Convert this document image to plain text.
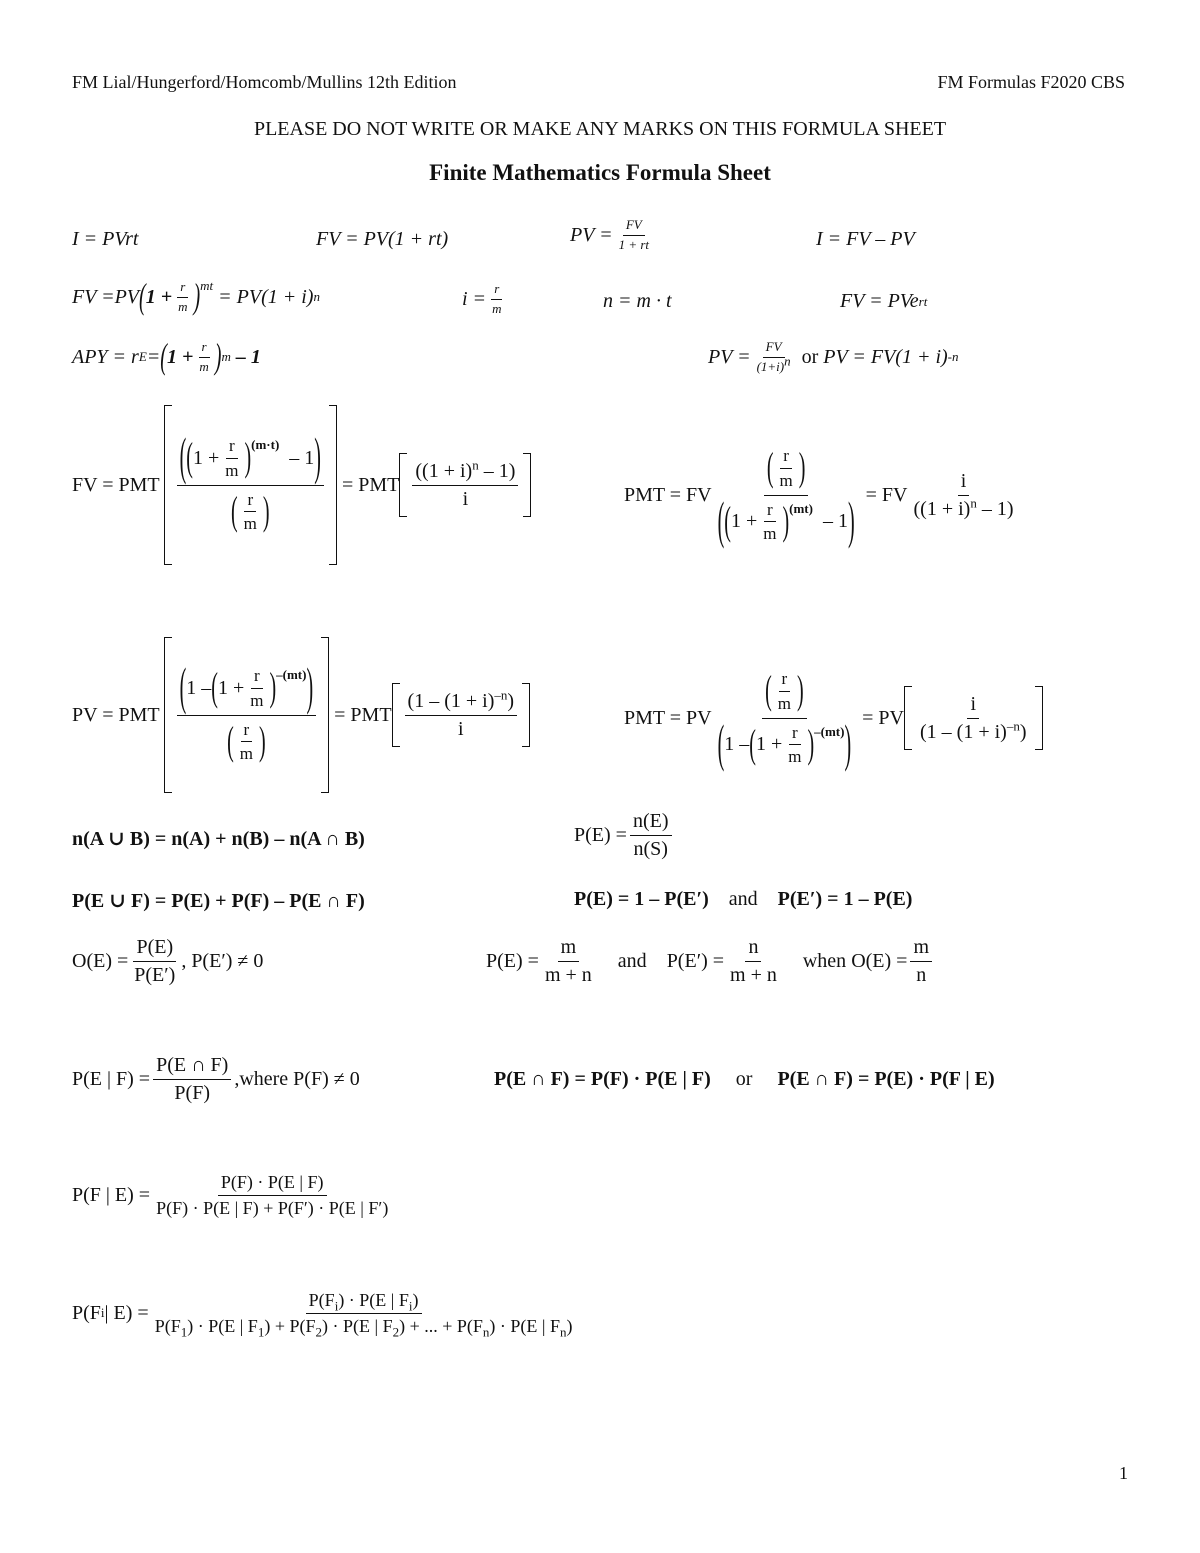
FM Lial/Hungerford/Homcomb/Mullins 12th Edition	FM Formulas F2020 CBS
PLEASE DO NOT WRITE OR MAKE ANY MARKS ON THIS FORMULA SHEET
Finite Mathematics Formula Sheet
I = PVrt	FV = PV(1 + rt)	PV = $\frac{FV}{1 + rt}$	I = FV – PV
FV =PV ( $1 + \frac{r}{m}$ ) mt = PV(1 + i) n	$i = \frac{r}{m}$	n = m · t	FV = PVe rt
APY = r E = ( $1 + \frac{r}{m}$ ) m
– 1	PV = $\frac{FV}{(1+i)^n}$
or PV = FV(1 + i) -n
FV = PMT ( ( $1 + \frac{r}{m}$ ) (m·t)
– 1 )
( $\frac{r}{m}$ ) = PMT $\frac{((1 + i)^n - 1)}{i}$	PMT = FV ( $\frac{r}{m}$ )
( ( $1 + \frac{r}{m}$ ) (mt)
– 1 ) = FV $\frac{i}{((1 + i)^n - 1)}$
PV = PMT $\frac{( 1 - ( 1 + \frac{r}{m} ) -(mt) )}{( \frac{r}{m} )}$ = PMT $\frac{(1 - (1 + i)^{-n})}{i}$	PMT = PV $\frac{( \frac{r}{m} )}{( 1 - ( 1 + \frac{r}{m} ) -(mt) )}$ = PV $\frac{i}{(1 - (1 + i)^{-n})}$
n(A ∪ B) = n(A) + n(B) – n(A ∩ B)	$P(E) = \frac{n(E)}{n(S)}$
P(E ∪ F) = P(E) + P(F) – P(E ∩ F)	P(E) = 1 – P(E′)
and
P(E′) = 1 – P(E)
$O(E) = \frac{P(E)}{P(E')}$ , P(E′) ≠ 0	$P(E) = \frac{m}{m + n}$
and $P(E') = \frac{n}{m + n}$
when $O(E) = \frac{m}{n}$
P(E | $F) = \frac{P(E \cap F)}{P(F)}$ , where P(F) ≠ 0	P(E ∩ F) = P(F) · P(E | F)
or
P(E ∩ F) = P(E) · P(F | E)
P(F | $E) = \frac{P(F) \cdot P(E | F)}{P(F) \cdot P(E | F) + P(F') \cdot P(E | F')}$
P(F i | E) =
$P(F_i) \cdot P(E$ | $F_i$)
$P(F_1) \cdot P(E$ | $F_1) + P(F_2) \cdot P(E$ | $F_2$) + ... + $P(F_n) \cdot P(E$ | $F_n$)
1
